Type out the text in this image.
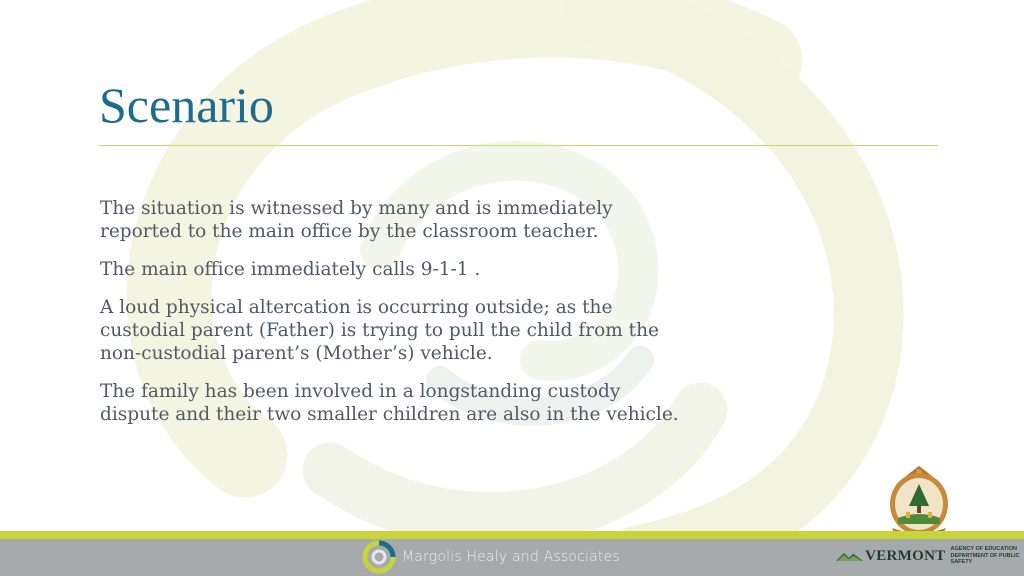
Scenario

The situation is witnessed by many and is immediately reported to the main office by the classroom teacher.

The main office immediately calls 9-1-1 .

A loud physical altercation is occurring outside; as the custodial parent (Father) is trying to pull the child from the non-custodial parent’s (Mother’s) vehicle.

The family has been involved in a longstanding custody dispute and their two smaller children are also in the vehicle.

Margolis Healy and Associates	VERMONT AGENCY OF EDUCATION
DEPARTMENT OF PUBLIC SAFETY
